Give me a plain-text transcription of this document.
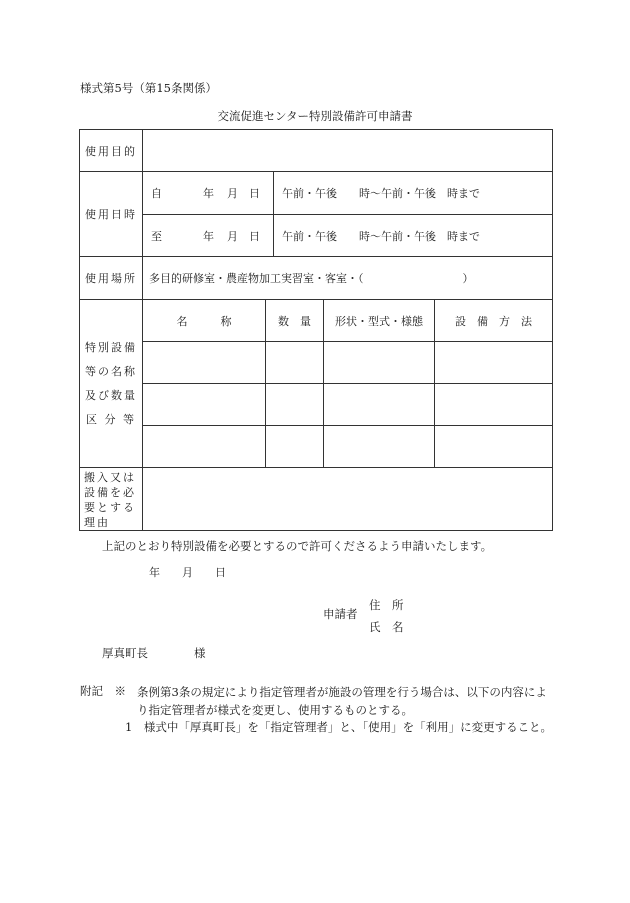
様式第5号（第15条関係）
交流促進センター特別設備許可申請書
使用目的				
使用日時	自 年 月 日 午前・午後　　時～午前・午後　時まで			

	至 年 月 日 午前・午後　　時～午前・午後　時まで			

使用場所	多目的研修室・農産物加工実習室・客室・（　　　　　　　　　）			

特別設備
等の名称
及び数量
区 分 等	名　　　称	数　量	形状・型式・様態	設　備　方　法

搬入又は
設備を必
要とする
理由				

上記のとおり特別設備を必要とするので許可くださるよう申請いたします。
年　　月　　日
申請者
住　所
氏　名
厚真町長　　　　様
附記　※ 条例第3条の規定により指定管理者が施設の管理を行う場合は、以下の内容により指定管理者が様式を変更し、使用するものとする。
1　様式中「厚真町長」を「指定管理者」と、「使用」を「利用」に変更すること。
